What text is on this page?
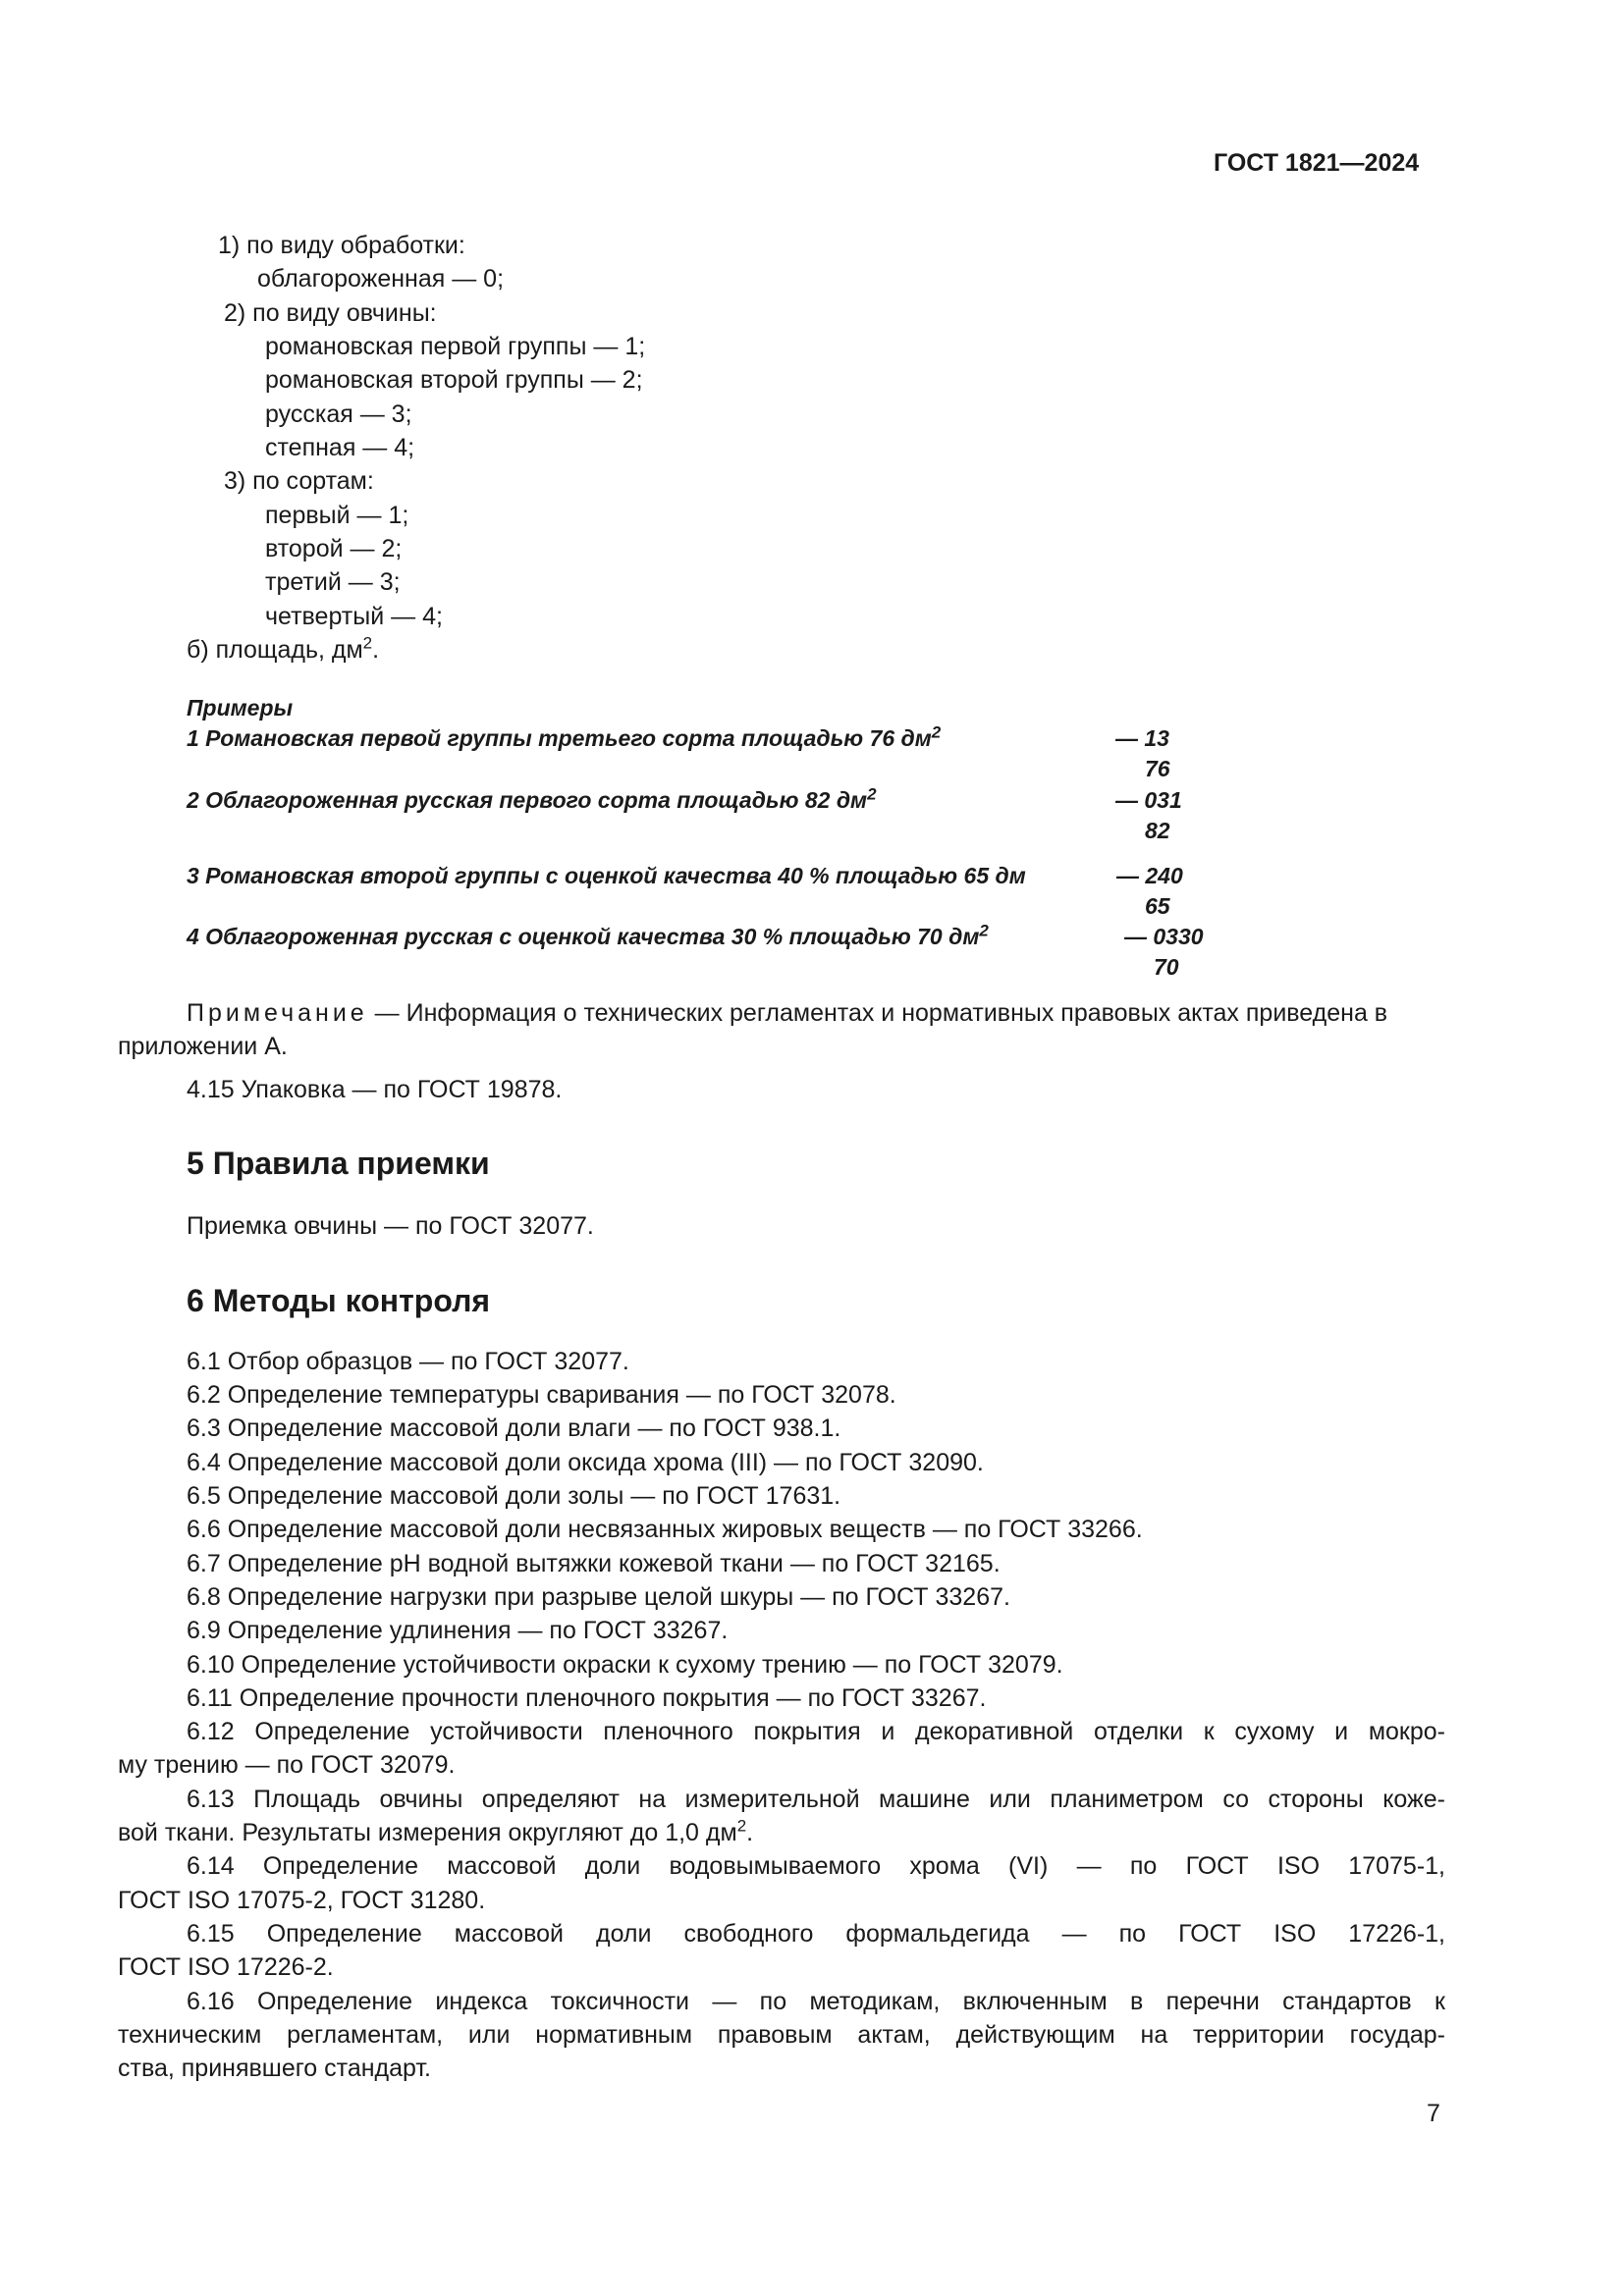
ГОСТ 1821—2024
1) по виду обработки:
облагороженная — 0;
2) по виду овчины:
романовская первой группы — 1;
романовская второй группы — 2;
русская — 3;
степная — 4;
3) по сортам:
первый — 1;
второй — 2;
третий — 3;
четвертый — 4;
б) площадь, $дм^2$.
Примеры
1 Романовская первой группы третьего сорта площадью 76 $дм^2$	— 13
76
2 Облагороженная русская первого сорта площадью 82 $дм^2$	— 031
82
3 Романовская второй группы с оценкой качества 40 % площадью 65 дм	— 240
65
4 Облагороженная русская с оценкой качества 30 % площадью 70 $дм^2$	— 0330
70
Примечание — Информация о технических регламентах и нормативных правовых актах приведена в
приложении А.
4.15 Упаковка — по ГОСТ 19878.
5 Правила приемки
Приемка овчины — по ГОСТ 32077.
6 Методы контроля
6.1 Отбор образцов — по ГОСТ 32077.
6.2 Определение температуры сваривания — по ГОСТ 32078.
6.3 Определение массовой доли влаги — по ГОСТ 938.1.
6.4 Определение массовой доли оксида хрома (III) — по ГОСТ 32090.
6.5 Определение массовой доли золы — по ГОСТ 17631.
6.6 Определение массовой доли несвязанных жировых веществ — по ГОСТ 33266.
6.7 Определение pH водной вытяжки кожевой ткани — по ГОСТ 32165.
6.8 Определение нагрузки при разрыве целой шкуры — по ГОСТ 33267.
6.9 Определение удлинения — по ГОСТ 33267.
6.10 Определение устойчивости окраски к сухому трению — по ГОСТ 32079.
6.11 Определение прочности пленочного покрытия — по ГОСТ 33267.
6.12 Определение устойчивости пленочного покрытия и декоративной отделки к сухому и мокро-
му трению — по ГОСТ 32079.
6.13 Площадь овчины определяют на измерительной машине или планиметром со стороны коже-
вой ткани. Результаты измерения округляют до 1,0 $дм^2$.
6.14 Определение массовой доли водовымываемого хрома (VI) — по ГОСТ ISO 17075-1,
ГОСТ ISO 17075-2, ГОСТ 31280.
6.15 Определение массовой доли свободного формальдегида — по ГОСТ ISO 17226-1,
ГОСТ ISO 17226-2.
6.16 Определение индекса токсичности — по методикам, включенным в перечни стандартов к
техническим регламентам, или нормативным правовым актам, действующим на территории государ-
ства, принявшего стандарт.
7
